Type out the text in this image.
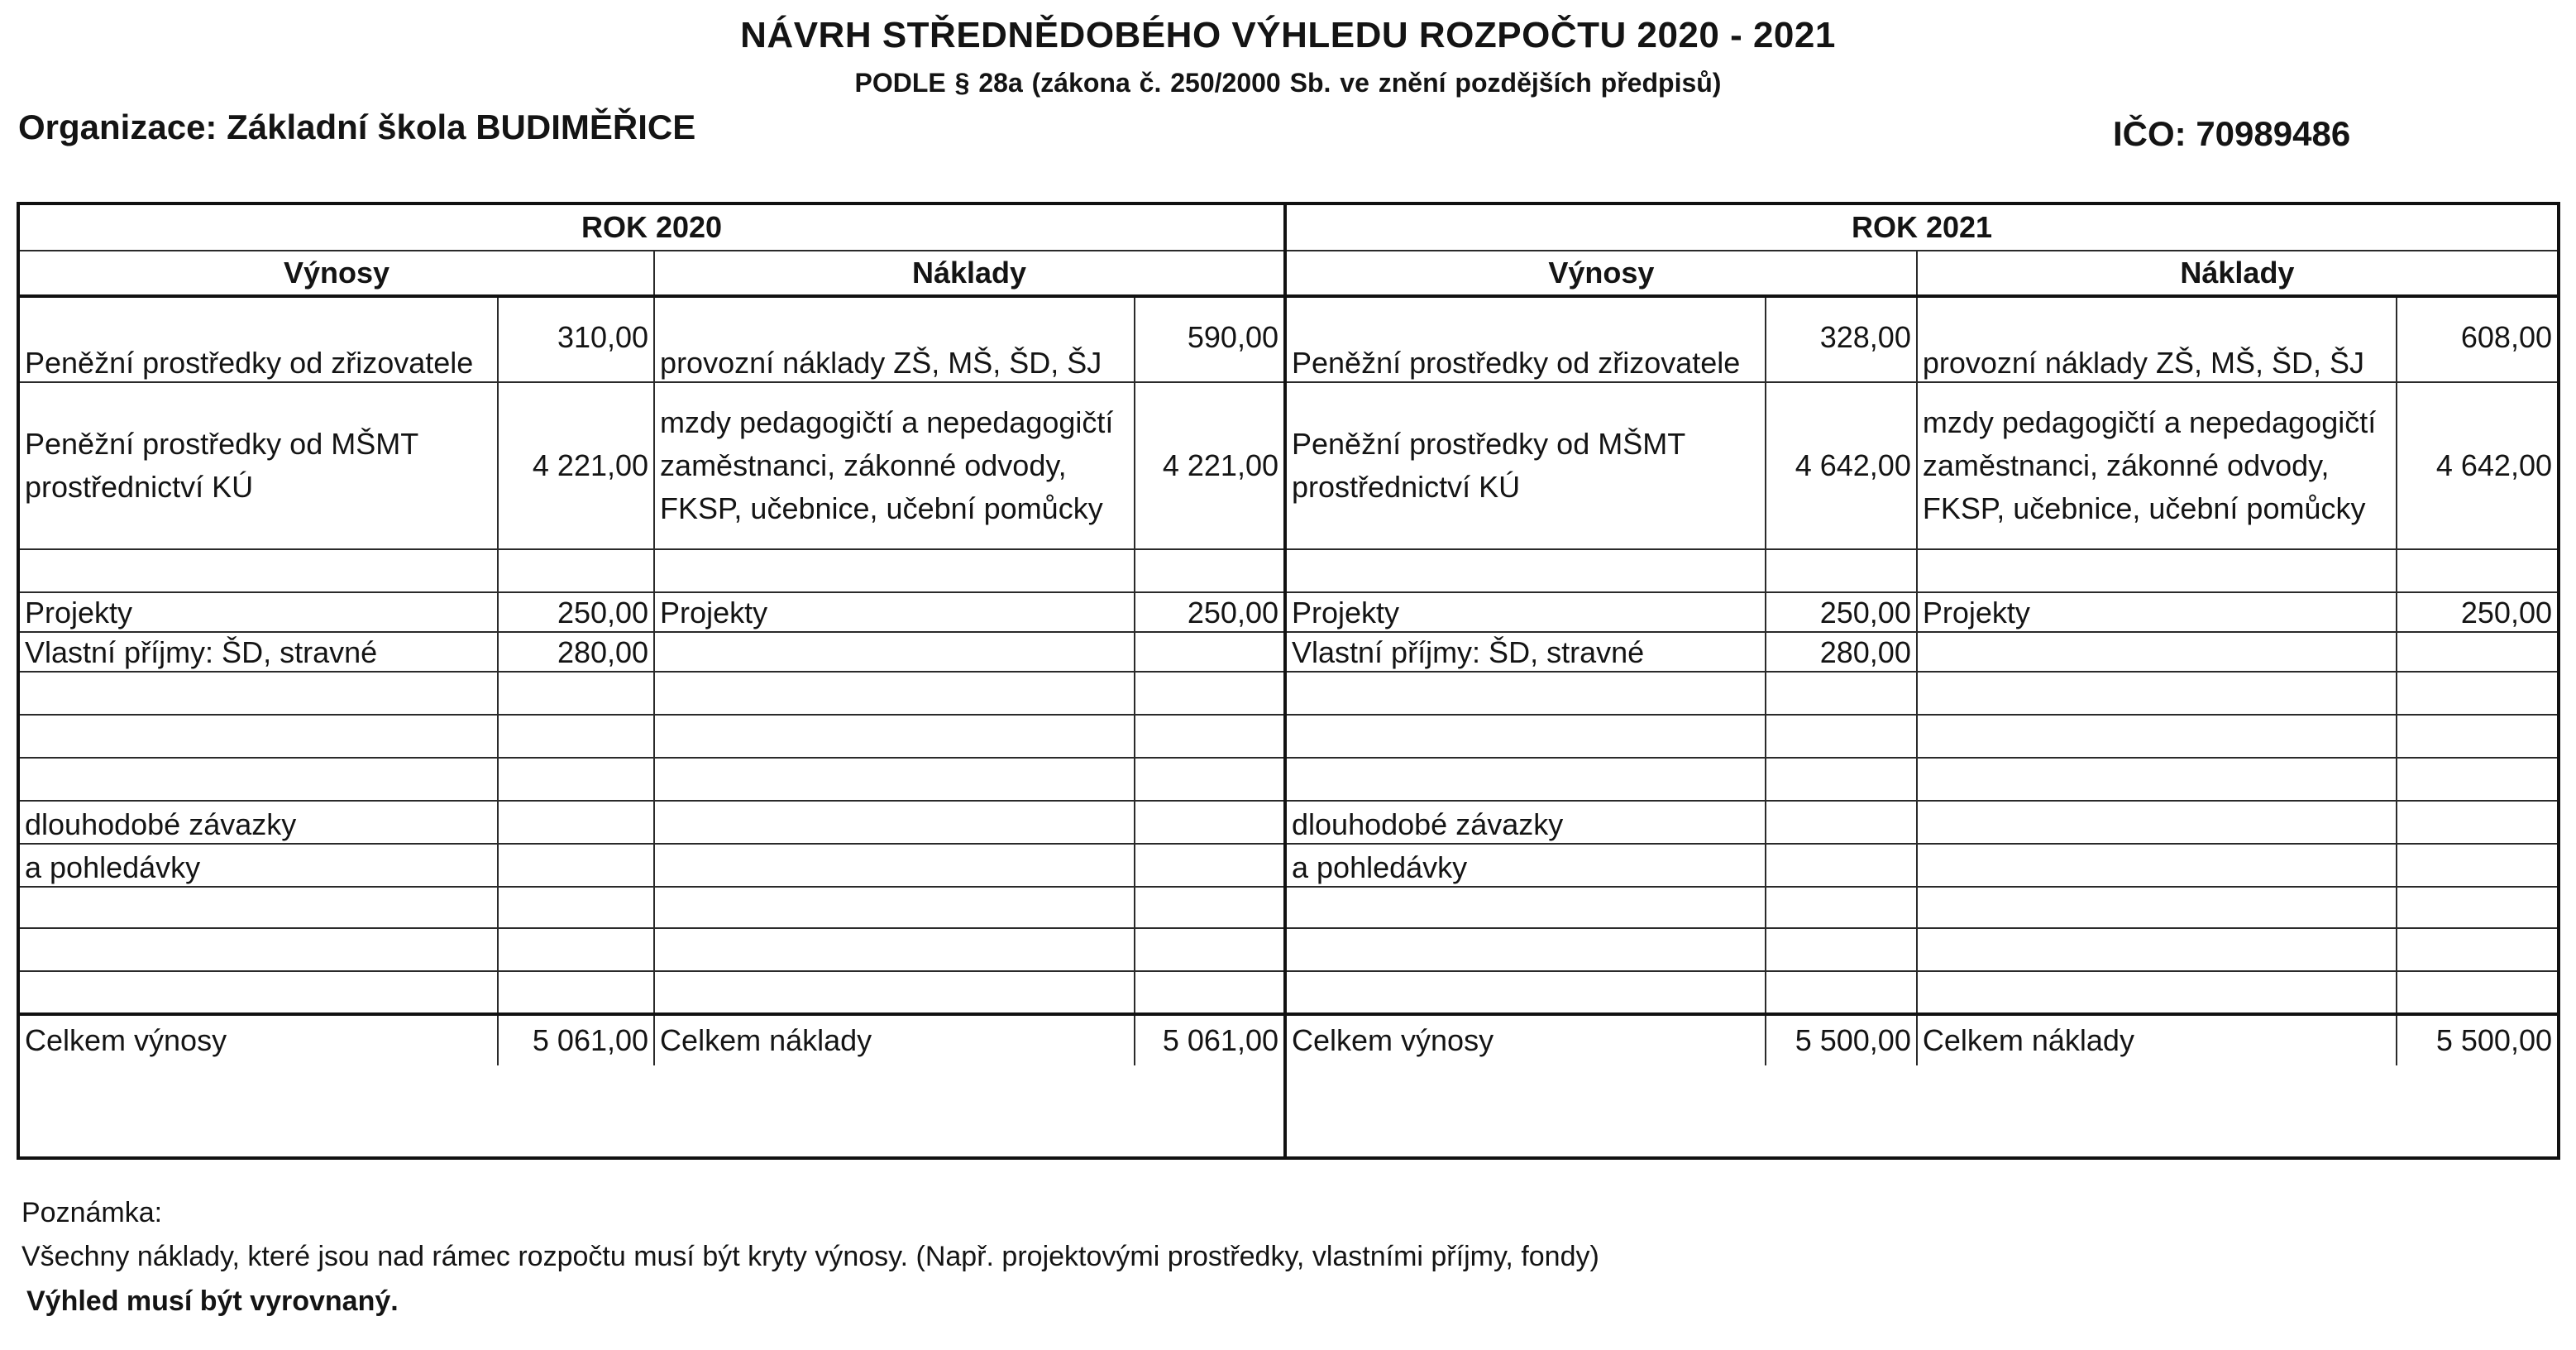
NÁVRH STŘEDNĚDOBÉHO VÝHLEDU ROZPOČTU 2020 - 2021
PODLE § 28a (zákona č. 250/2000 Sb. ve znění pozdějších předpisů)
Organizace: Základní škola BUDIMĚŘICE	IČO: 70989486
ROK 2020			
Výnosy		Náklady	
Peněžní prostředky od zřizovatele	310,00	provozní náklady ZŠ, MŠ, ŠD, ŠJ	590,00
Peněžní prostředky od MŠMT prostřednictví KÚ	4 221,00	mzdy pedagogičtí a nepedagogičtí zaměstnanci, zákonné odvody, FKSP, učebnice, učební pomůcky	4 221,00

Projekty	250,00	Projekty	250,00
Vlastní příjmy: ŠD, stravné	280,00		

dlouhodobé závazky			
a pohledávky			

Celkem výnosy	5 061,00	Celkem náklady	5 061,00
ROK 2021			
Výnosy		Náklady	
Peněžní prostředky od zřizovatele	328,00	provozní náklady ZŠ, MŠ, ŠD, ŠJ	608,00
Peněžní prostředky od MŠMT prostřednictví KÚ	4 642,00	mzdy pedagogičtí a nepedagogičtí zaměstnanci, zákonné odvody, FKSP, učebnice, učební pomůcky	4 642,00

Projekty	250,00	Projekty	250,00
Vlastní příjmy: ŠD, stravné	280,00		

dlouhodobé závazky			
a pohledávky			

Celkem výnosy	5 500,00	Celkem náklady	5 500,00
Poznámka:
Všechny náklady, které jsou nad rámec rozpočtu musí být kryty výnosy. (Např. projektovými prostředky, vlastními příjmy, fondy)
Výhled musí být vyrovnaný.
